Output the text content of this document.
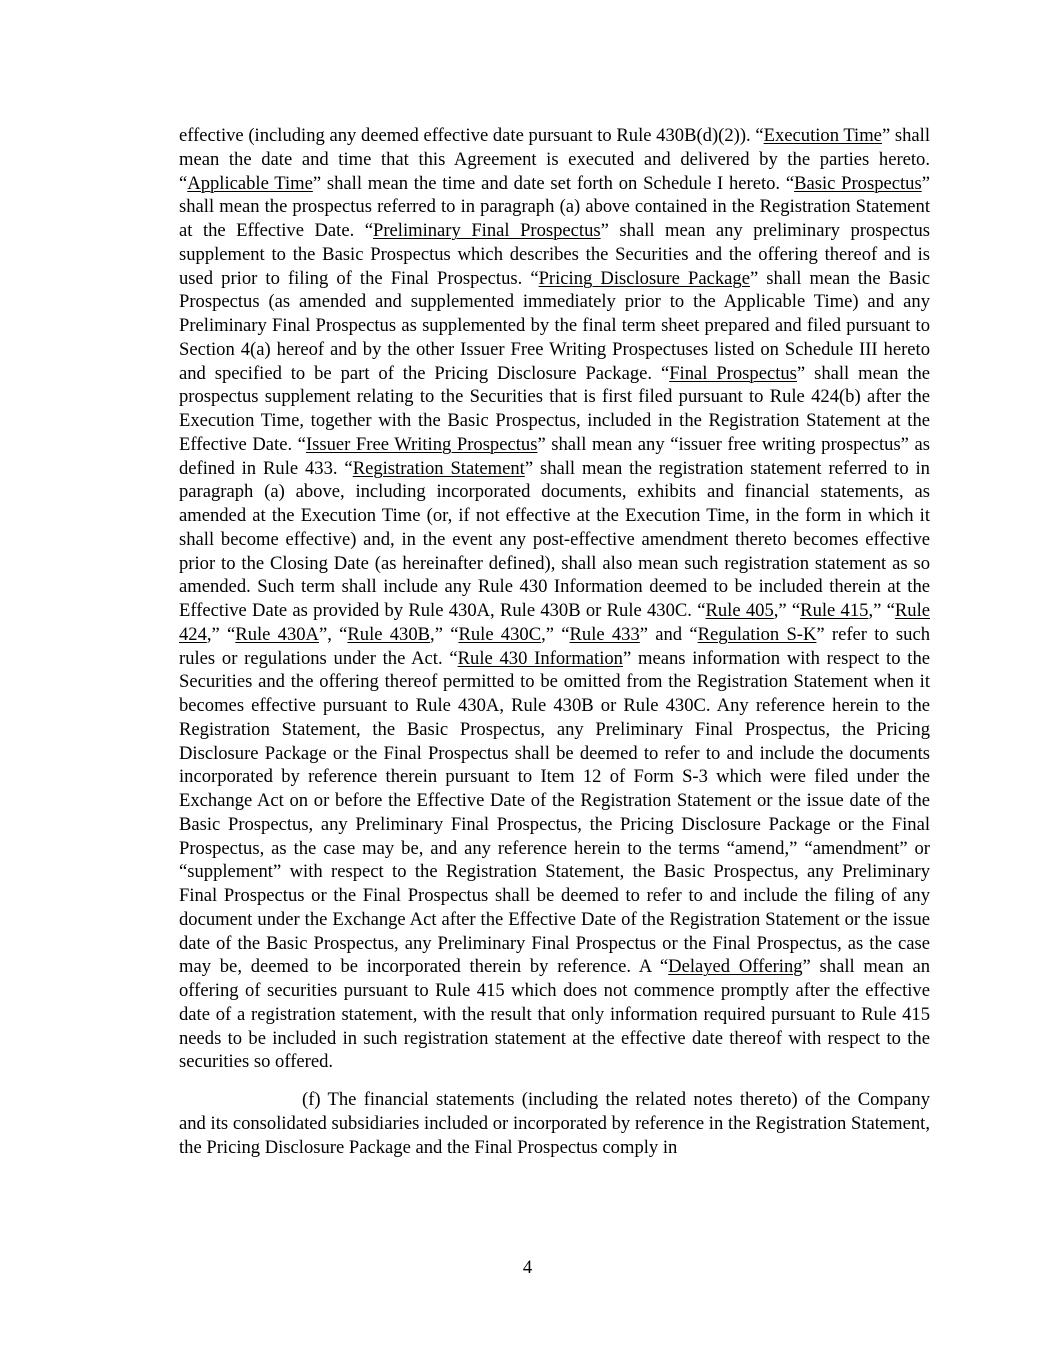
effective (including any deemed effective date pursuant to Rule 430B(d)(2)). “Execution Time” shall mean the date and time that this Agreement is executed and delivered by the parties hereto. “Applicable Time” shall mean the time and date set forth on Schedule I hereto. “Basic Prospectus” shall mean the prospectus referred to in paragraph (a) above contained in the Registration Statement at the Effective Date. “Preliminary Final Prospectus” shall mean any preliminary prospectus supplement to the Basic Prospectus which describes the Securities and the offering thereof and is used prior to filing of the Final Prospectus. “Pricing Disclosure Package” shall mean the Basic Prospectus (as amended and supplemented immediately prior to the Applicable Time) and any Preliminary Final Prospectus as supplemented by the final term sheet prepared and filed pursuant to Section 4(a) hereof and by the other Issuer Free Writing Prospectuses listed on Schedule III hereto and specified to be part of the Pricing Disclosure Package. “Final Prospectus” shall mean the prospectus supplement relating to the Securities that is first filed pursuant to Rule 424(b) after the Execution Time, together with the Basic Prospectus, included in the Registration Statement at the Effective Date. “Issuer Free Writing Prospectus” shall mean any “issuer free writing prospectus” as defined in Rule 433. “Registration Statement” shall mean the registration statement referred to in paragraph (a) above, including incorporated documents, exhibits and financial statements, as amended at the Execution Time (or, if not effective at the Execution Time, in the form in which it shall become effective) and, in the event any post-effective amendment thereto becomes effective prior to the Closing Date (as hereinafter defined), shall also mean such registration statement as so amended. Such term shall include any Rule 430 Information deemed to be included therein at the Effective Date as provided by Rule 430A, Rule 430B or Rule 430C. “Rule 405,” “Rule 415,” “Rule 424,” “Rule 430A”, “Rule 430B,” “Rule 430C,” “Rule 433” and “Regulation S-K” refer to such rules or regulations under the Act. “Rule 430 Information” means information with respect to the Securities and the offering thereof permitted to be omitted from the Registration Statement when it becomes effective pursuant to Rule 430A, Rule 430B or Rule 430C. Any reference herein to the Registration Statement, the Basic Prospectus, any Preliminary Final Prospectus, the Pricing Disclosure Package or the Final Prospectus shall be deemed to refer to and include the documents incorporated by reference therein pursuant to Item 12 of Form S-3 which were filed under the Exchange Act on or before the Effective Date of the Registration Statement or the issue date of the Basic Prospectus, any Preliminary Final Prospectus, the Pricing Disclosure Package or the Final Prospectus, as the case may be, and any reference herein to the terms “amend,” “amendment” or “supplement” with respect to the Registration Statement, the Basic Prospectus, any Preliminary Final Prospectus or the Final Prospectus shall be deemed to refer to and include the filing of any document under the Exchange Act after the Effective Date of the Registration Statement or the issue date of the Basic Prospectus, any Preliminary Final Prospectus or the Final Prospectus, as the case may be, deemed to be incorporated therein by reference. A “Delayed Offering” shall mean an offering of securities pursuant to Rule 415 which does not commence promptly after the effective date of a registration statement, with the result that only information required pursuant to Rule 415 needs to be included in such registration statement at the effective date thereof with respect to the securities so offered.

(f) The financial statements (including the related notes thereto) of the Company and its consolidated subsidiaries included or incorporated by reference in the Registration Statement, the Pricing Disclosure Package and the Final Prospectus comply in

4
